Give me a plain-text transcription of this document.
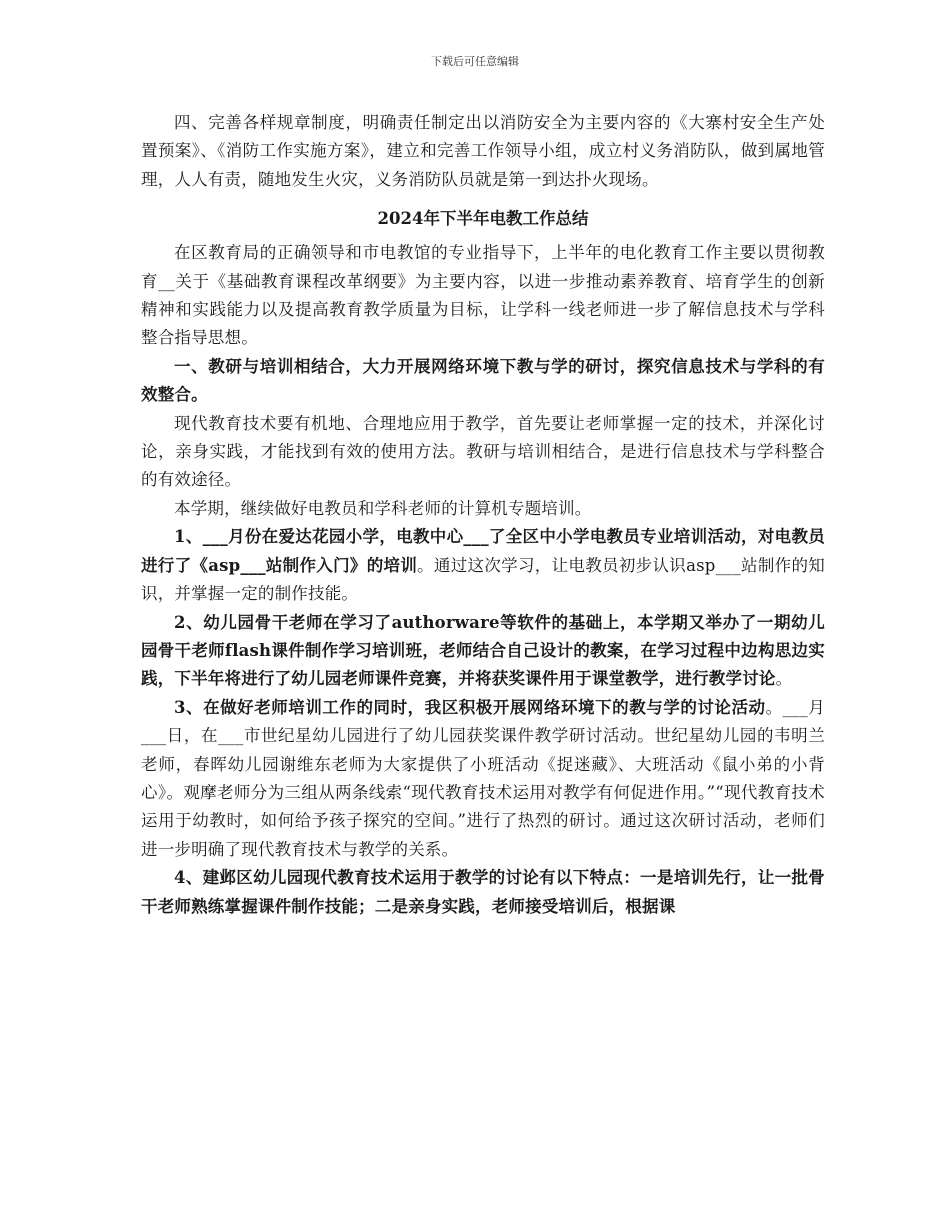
下载后可任意编辑

四、完善各样规章制度，明确责任制定出以消防安全为主要内容的《大寨村安全生产处置预案》、《消防工作实施方案》，建立和完善工作领导小组，成立村义务消防队，做到属地管理，人人有责，随地发生火灾，义务消防队员就是第一到达扑火现场。

2024年下半年电教工作总结

在区教育局的正确领导和市电教馆的专业指导下，上半年的电化教育工作主要以贯彻教育__关于《基础教育课程改革纲要》为主要内容，以进一步推动素养教育、培育学生的创新精神和实践能力以及提高教育教学质量为目标，让学科一线老师进一步了解信息技术与学科整合指导思想。

一、教研与培训相结合，大力开展网络环境下教与学的研讨，探究信息技术与学科的有效整合。

现代教育技术要有机地、合理地应用于教学，首先要让老师掌握一定的技术，并深化讨论，亲身实践，才能找到有效的使用方法。教研与培训相结合，是进行信息技术与学科整合的有效途径。

本学期，继续做好电教员和学科老师的计算机专题培训。

1、___月份在爱达花园小学，电教中心___了全区中小学电教员专业培训活动，对电教员进行了《asp___站制作入门》的培训。通过这次学习，让电教员初步认识asp___站制作的知识，并掌握一定的制作技能。

2、幼儿园骨干老师在学习了authorware等软件的基础上，本学期又举办了一期幼儿园骨干老师flash课件制作学习培训班，老师结合自己设计的教案，在学习过程中边构思边实践，下半年将进行了幼儿园老师课件竞赛，并将获奖课件用于课堂教学，进行教学讨论。

3、在做好老师培训工作的同时，我区积极开展网络环境下的教与学的讨论活动。___月___日，在___市世纪星幼儿园进行了幼儿园获奖课件教学研讨活动。世纪星幼儿园的韦明兰老师，春晖幼儿园谢维东老师为大家提供了小班活动《捉迷藏》、大班活动《鼠小弟的小背心》。观摩老师分为三组从两条线索“现代教育技术运用对教学有何促进作用。”“现代教育技术运用于幼教时，如何给予孩子探究的空间。”进行了热烈的研讨。通过这次研讨活动，老师们进一步明确了现代教育技术与教学的关系。

4、建邺区幼儿园现代教育技术运用于教学的讨论有以下特点：一是培训先行，让一批骨干老师熟练掌握课件制作技能；二是亲身实践，老师接受培训后，根据课
